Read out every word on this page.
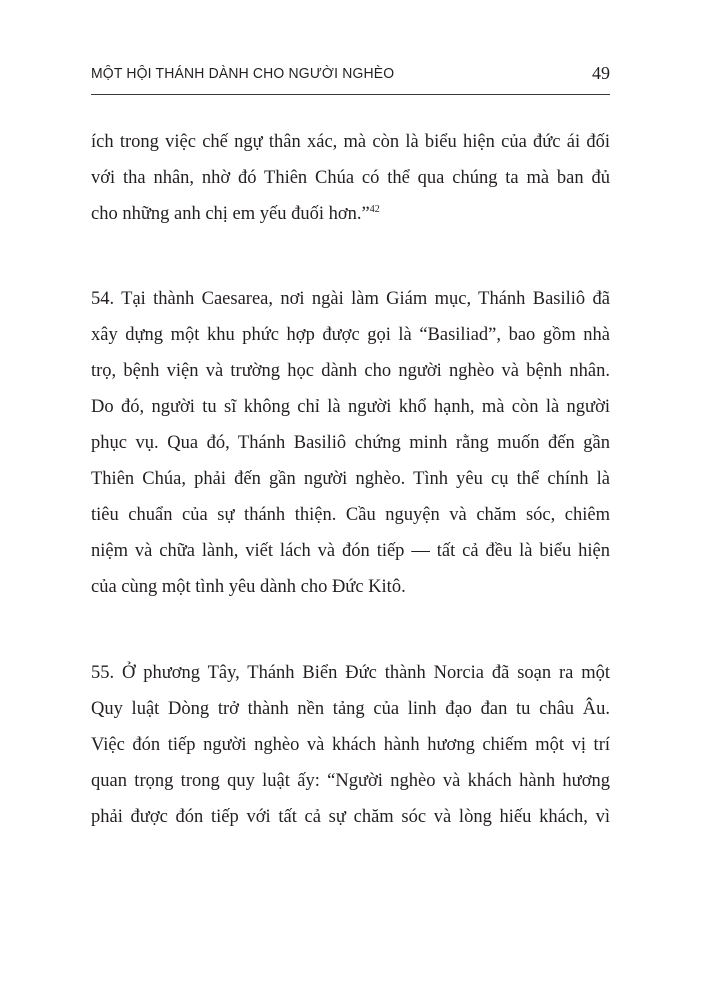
MỘT HỘI THÁNH DÀNH CHO NGƯỜI NGHÈO	49
ích trong việc chế ngự thân xác, mà còn là biểu hiện của đức ái đối
với tha nhân, nhờ đó Thiên Chúa có thể qua chúng ta mà ban đủ
cho những anh chị em yếu đuối hơn.”$^{42}$
54. Tại thành Caesarea, nơi ngài làm Giám mục, Thánh Basiliô đã
xây dựng một khu phức hợp được gọi là “Basiliad”, bao gồm nhà
trọ, bệnh viện và trường học dành cho người nghèo và bệnh nhân.
Do đó, người tu sĩ không chỉ là người khổ hạnh, mà còn là người
phục vụ. Qua đó, Thánh Basiliô chứng minh rằng muốn đến gần
Thiên Chúa, phải đến gần người nghèo. Tình yêu cụ thể chính là
tiêu chuẩn của sự thánh thiện. Cầu nguyện và chăm sóc, chiêm
niệm và chữa lành, viết lách và đón tiếp — tất cả đều là biểu hiện
của cùng một tình yêu dành cho Đức Kitô.
55. Ở phương Tây, Thánh Biển Đức thành Norcia đã soạn ra một
Quy luật Dòng trở thành nền tảng của linh đạo đan tu châu Âu.
Việc đón tiếp người nghèo và khách hành hương chiếm một vị trí
quan trọng trong quy luật ấy: “Người nghèo và khách hành hương
phải được đón tiếp với tất cả sự chăm sóc và lòng hiếu khách, vì
